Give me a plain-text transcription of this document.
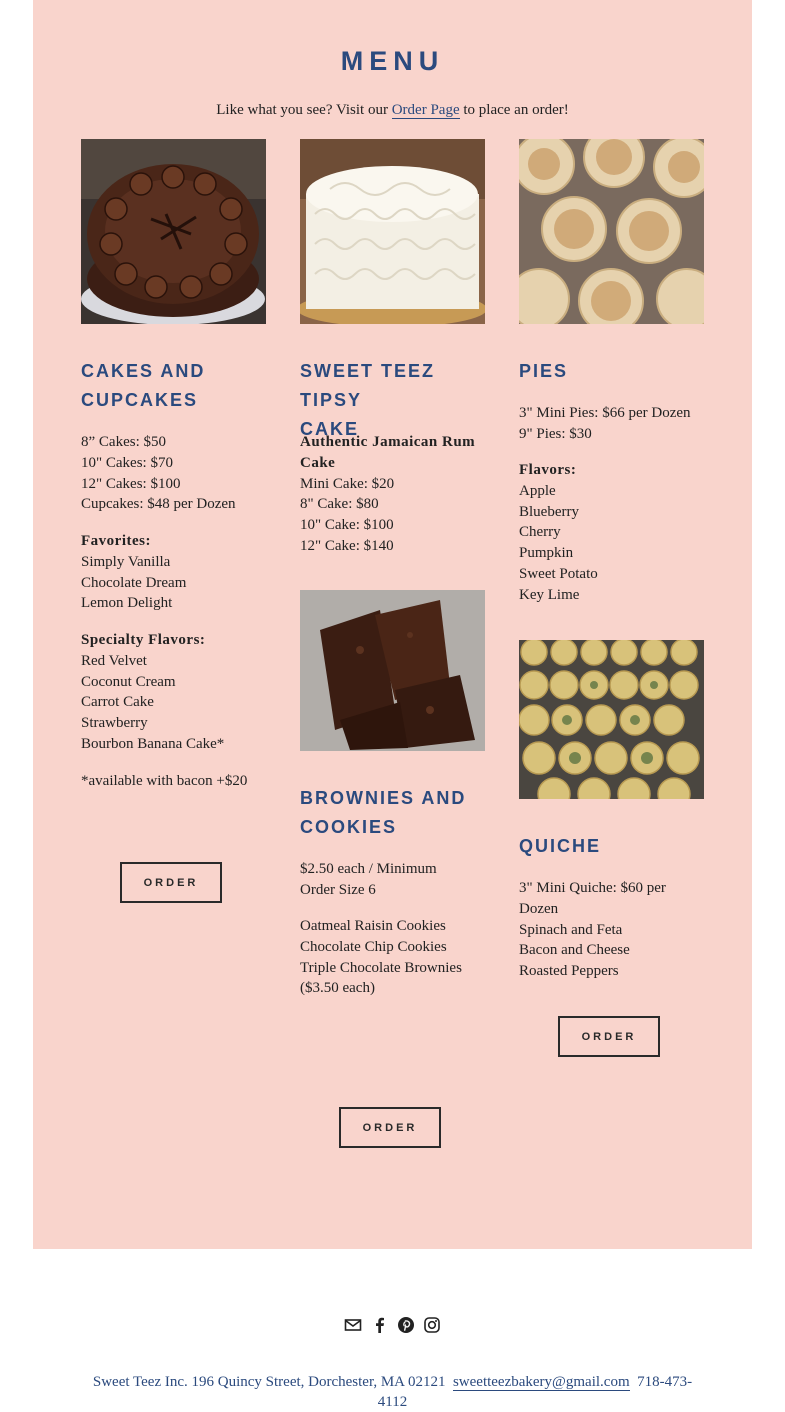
MENU
Like what you see? Visit our Order Page to place an order!
CAKES AND
CUPCAKES
8” Cakes: $50
10" Cakes: $70
12" Cakes: $100
Cupcakes: $48 per Dozen
Favorites:
Simply Vanilla
Chocolate Dream
Lemon Delight
Specialty Flavors:
Red Velvet
Coconut Cream
Carrot Cake
Strawberry
Bourbon Banana Cake*
*available with bacon +$20
ORDER
SWEET TEEZ TIPSY
CAKE
Authentic Jamaican Rum
Cake
Mini Cake: $20
8" Cake: $80
10" Cake: $100
12" Cake: $140
BROWNIES AND
COOKIES
$2.50 each / Minimum
Order Size 6
Oatmeal Raisin Cookies
Chocolate Chip Cookies
Triple Chocolate Brownies
($3.50 each)
PIES
3" Mini Pies: $66 per Dozen
9" Pies: $30
Flavors:
Apple
Blueberry
Cherry
Pumpkin
Sweet Potato
Key Lime
QUICHE
3" Mini Quiche: $60 per
Dozen
Spinach and Feta
Bacon and Cheese
Roasted Peppers
ORDER
ORDER
Sweet Teez Inc. 196 Quincy Street, Dorchester, MA 02121 sweetteezbakery@gmail.com 718-473-4112
